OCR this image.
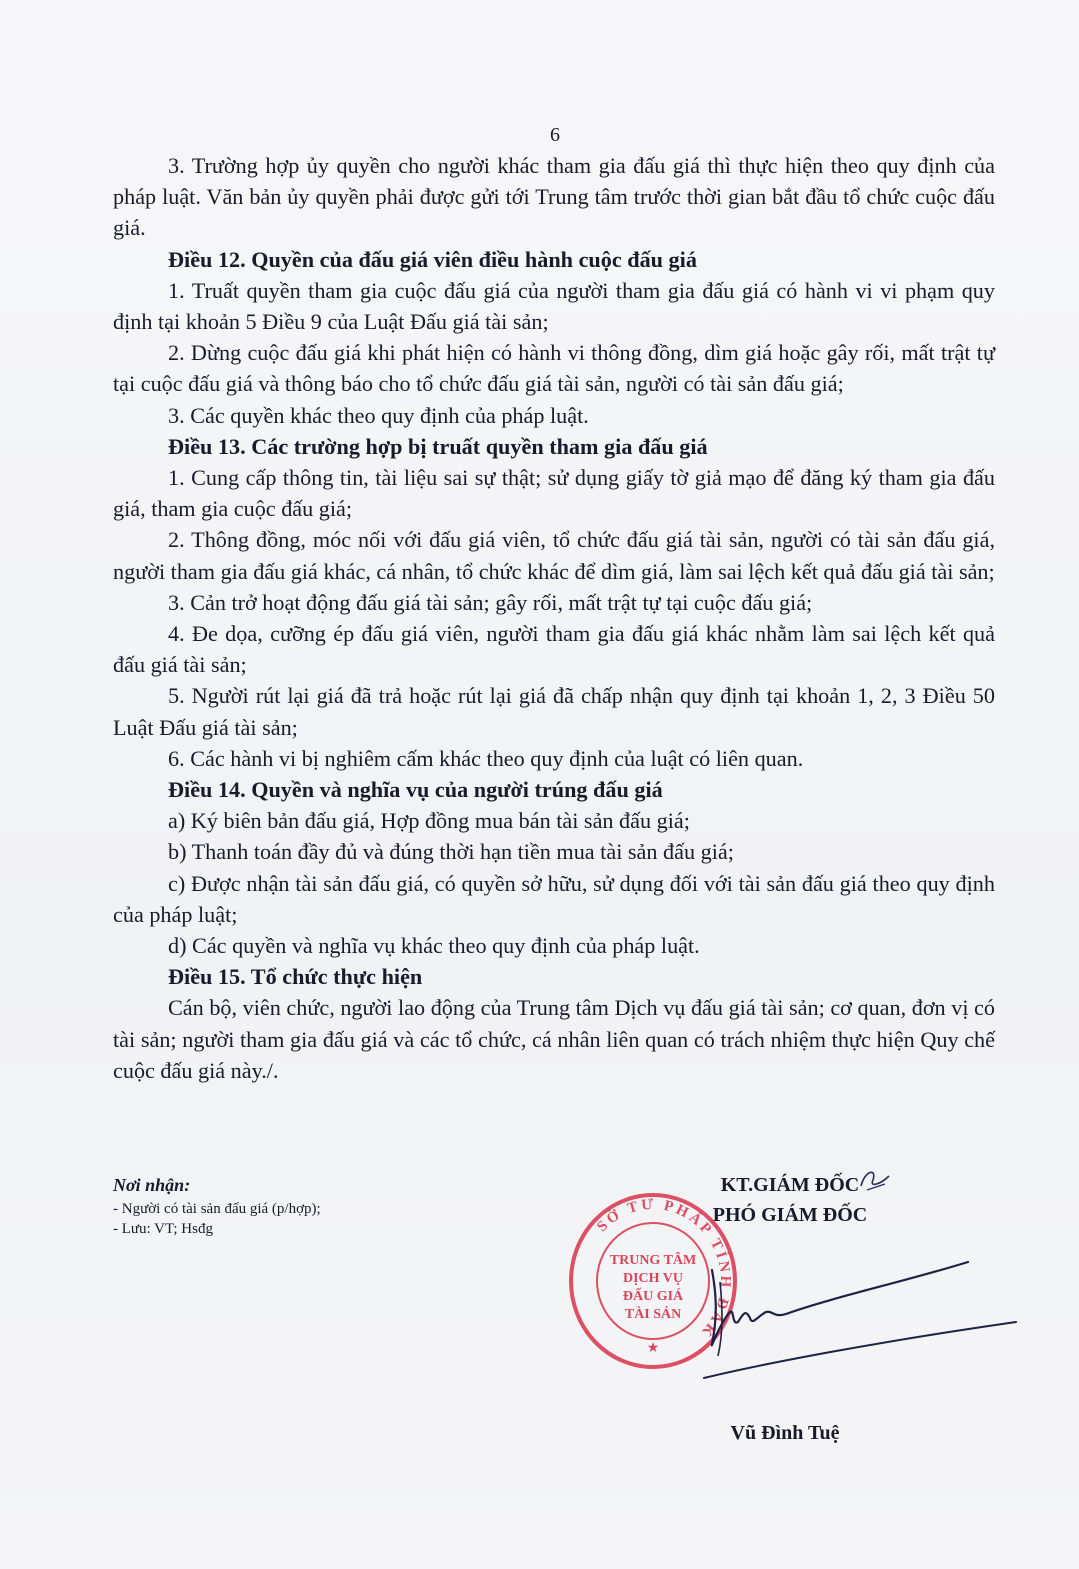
6

3. Trường hợp ủy quyền cho người khác tham gia đấu giá thì thực hiện theo quy định của pháp luật. Văn bản ủy quyền phải được gửi tới Trung tâm trước thời gian bắt đầu tổ chức cuộc đấu giá.

Điều 12. Quyền của đấu giá viên điều hành cuộc đấu giá

1. Truất quyền tham gia cuộc đấu giá của người tham gia đấu giá có hành vi vi phạm quy định tại khoản 5 Điều 9 của Luật Đấu giá tài sản;

2. Dừng cuộc đấu giá khi phát hiện có hành vi thông đồng, dìm giá hoặc gây rối, mất trật tự tại cuộc đấu giá và thông báo cho tổ chức đấu giá tài sản, người có tài sản đấu giá;

3. Các quyền khác theo quy định của pháp luật.

Điều 13. Các trường hợp bị truất quyền tham gia đấu giá

1. Cung cấp thông tin, tài liệu sai sự thật; sử dụng giấy tờ giả mạo để đăng ký tham gia đấu giá, tham gia cuộc đấu giá;

2. Thông đồng, móc nối với đấu giá viên, tổ chức đấu giá tài sản, người có tài sản đấu giá, người tham gia đấu giá khác, cá nhân, tổ chức khác để dìm giá, làm sai lệch kết quả đấu giá tài sản;

3. Cản trở hoạt động đấu giá tài sản; gây rối, mất trật tự tại cuộc đấu giá;

4. Đe dọa, cưỡng ép đấu giá viên, người tham gia đấu giá khác nhằm làm sai lệch kết quả đấu giá tài sản;

5. Người rút lại giá đã trả hoặc rút lại giá đã chấp nhận quy định tại khoản 1, 2, 3 Điều 50 Luật Đấu giá tài sản;

6. Các hành vi bị nghiêm cấm khác theo quy định của luật có liên quan.

Điều 14. Quyền và nghĩa vụ của người trúng đấu giá

a) Ký biên bản đấu giá, Hợp đồng mua bán tài sản đấu giá;

b) Thanh toán đầy đủ và đúng thời hạn tiền mua tài sản đấu giá;

c) Được nhận tài sản đấu giá, có quyền sở hữu, sử dụng đối với tài sản đấu giá theo quy định của pháp luật;

d) Các quyền và nghĩa vụ khác theo quy định của pháp luật.

Điều 15. Tổ chức thực hiện

Cán bộ, viên chức, người lao động của Trung tâm Dịch vụ đấu giá tài sản; cơ quan, đơn vị có tài sản; người tham gia đấu giá và các tổ chức, cá nhân liên quan có trách nhiệm thực hiện Quy chế cuộc đấu giá này./.

Nơi nhận:
- Người có tài sản đấu giá (p/hợp);
- Lưu: VT; Hsđg
KT.GIÁM ĐỐC
PHÓ GIÁM ĐỐC
SỞ TƯ PHÁP TỈNH ĐẮK
TRUNG TÂM
DỊCH VỤ
ĐẤU GIÁ
TÀI SẢN
★
Vũ Đình Tuệ
